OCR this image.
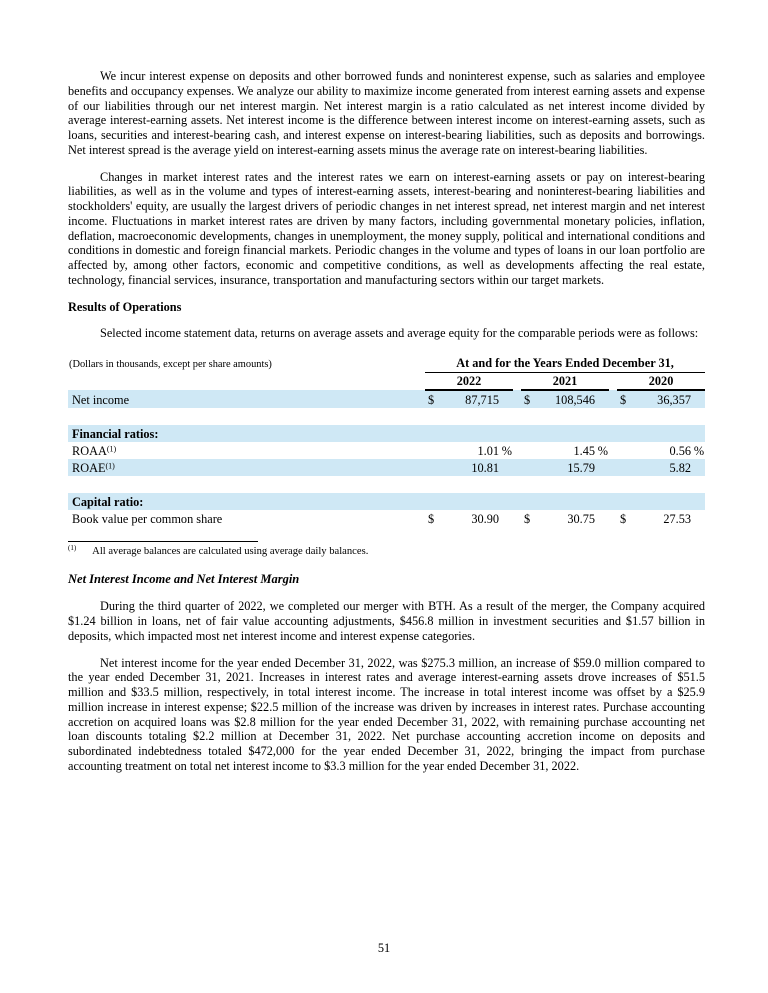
We incur interest expense on deposits and other borrowed funds and noninterest expense, such as salaries and employee benefits and occupancy expenses. We analyze our ability to maximize income generated from interest earning assets and expense of our liabilities through our net interest margin. Net interest margin is a ratio calculated as net interest income divided by average interest-earning assets. Net interest income is the difference between interest income on interest-earning assets, such as loans, securities and interest-bearing cash, and interest expense on interest-bearing liabilities, such as deposits and borrowings. Net interest spread is the average yield on interest-earning assets minus the average rate on interest-bearing liabilities.

Changes in market interest rates and the interest rates we earn on interest-earning assets or pay on interest-bearing liabilities, as well as in the volume and types of interest-earning assets, interest-bearing and noninterest-bearing liabilities and stockholders' equity, are usually the largest drivers of periodic changes in net interest spread, net interest margin and net interest income. Fluctuations in market interest rates are driven by many factors, including governmental monetary policies, inflation, deflation, macroeconomic developments, changes in unemployment, the money supply, political and international conditions and conditions in domestic and foreign financial markets. Periodic changes in the volume and types of loans in our loan portfolio are affected by, among other factors, economic and competitive conditions, as well as developments affecting the real estate, technology, financial services, insurance, transportation and manufacturing sectors within our target markets.

Results of Operations

Selected income statement data, returns on average assets and average equity for the comparable periods were as follows:

(Dollars in thousands, except per share amounts)	At and for the Years Ended December 31,										
	2022				2021				2020		
Net income	$	87,715			$	108,546			$	36,357	

Financial ratios:											
ROAA$^{(1)}$		1.01	%			1.45	%			0.56	%
ROAE$^{(1)}$		10.81				15.79				5.82	

Capital ratio:											
Book value per common share	$	30.90			$	30.75			$	27.53	
$^{(1)}$ All average balances are calculated using average daily balances.
Net Interest Income and Net Interest Margin

During the third quarter of 2022, we completed our merger with BTH. As a result of the merger, the Company acquired $1.24 billion in loans, net of fair value accounting adjustments, $456.8 million in investment securities and $1.57 billion in deposits, which impacted most net interest income and interest expense categories.

Net interest income for the year ended December 31, 2022, was $275.3 million, an increase of $59.0 million compared to the year ended December 31, 2021. Increases in interest rates and average interest-earning assets drove increases of $51.5 million and $33.5 million, respectively, in total interest income. The increase in total interest income was offset by a $25.9 million increase in interest expense; $22.5 million of the increase was driven by increases in interest rates. Purchase accounting accretion on acquired loans was $2.8 million for the year ended December 31, 2022, with remaining purchase accounting net loan discounts totaling $2.2 million at December 31, 2022. Net purchase accounting accretion income on deposits and subordinated indebtedness totaled $472,000 for the year ended December 31, 2022, bringing the impact from purchase accounting treatment on total net interest income to $3.3 million for the year ended December 31, 2022.

51
